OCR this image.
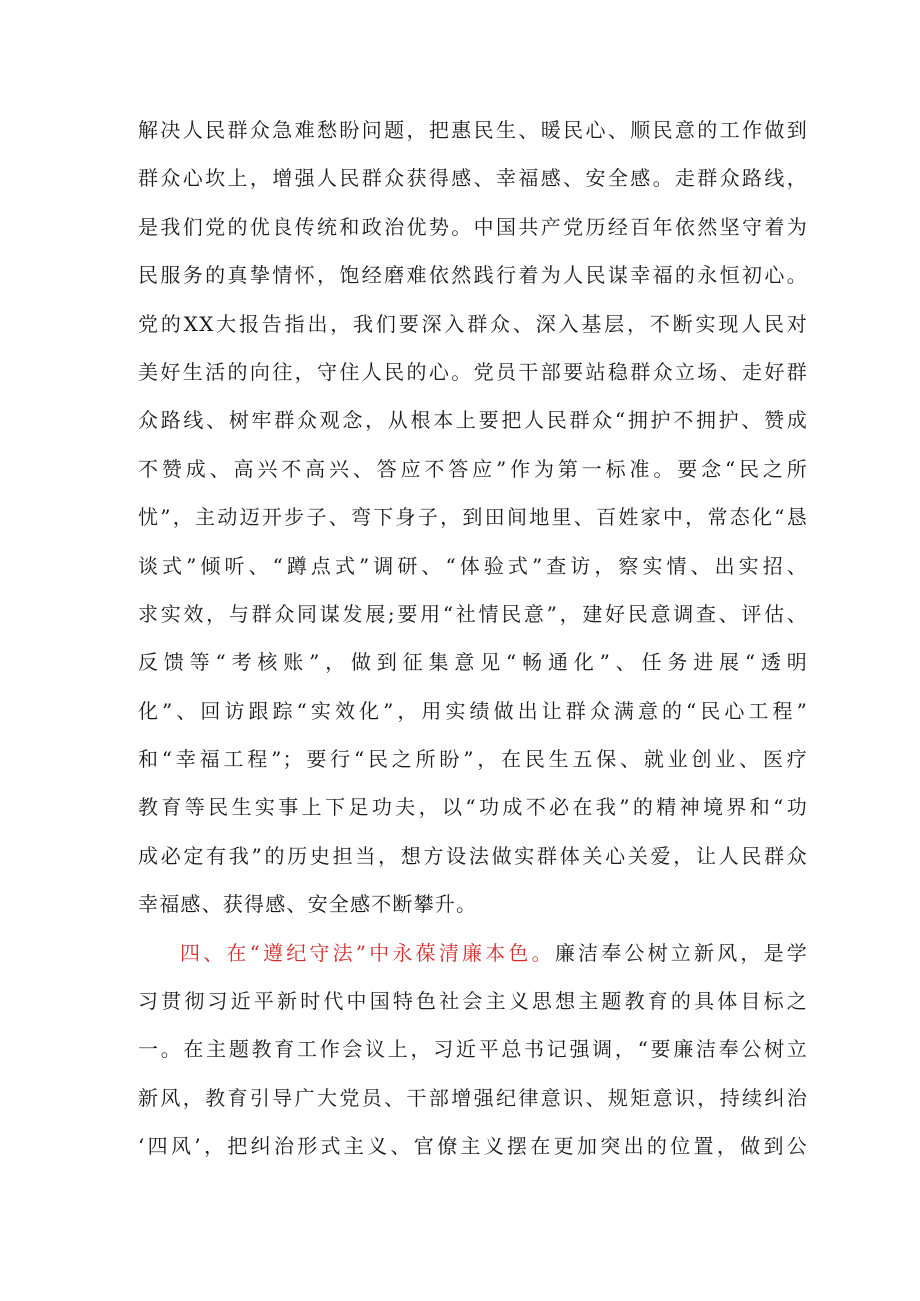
解决人民群众急难愁盼问题，把惠民生、暖民心、顺民意的工作做到
群众心坎上，增强人民群众获得感、幸福感、安全感。走群众路线，
是我们党的优良传统和政治优势。中国共产党历经百年依然坚守着为
民服务的真挚情怀，饱经磨难依然践行着为人民谋幸福的永恒初心。
党的XX大报告指出，我们要深入群众、深入基层，不断实现人民对
美好生活的向往，守住人民的心。党员干部要站稳群众立场、走好群
众路线、树牢群众观念，从根本上要把人民群众“拥护不拥护、赞成
不赞成、高兴不高兴、答应不答应”作为第一标准。要念“民之所
忧”，主动迈开步子、弯下身子，到田间地里、百姓家中，常态化“恳
谈式”倾听、“蹲点式”调研、“体验式”查访，察实情、出实招、
求实效，与群众同谋发展;要用“社情民意”，建好民意调查、评估、
反馈等“考核账”，做到征集意见“畅通化”、任务进展“透明
化”、回访跟踪“实效化”，用实绩做出让群众满意的“民心工程”
和“幸福工程”；要行“民之所盼”，在民生五保、就业创业、医疗
教育等民生实事上下足功夫，以“功成不必在我”的精神境界和“功
成必定有我”的历史担当，想方设法做实群体关心关爱，让人民群众
幸福感、获得感、安全感不断攀升。
四、在“遵纪守法”中永葆清廉本色。廉洁奉公树立新风，是学
习贯彻习近平新时代中国特色社会主义思想主题教育的具体目标之
一。在主题教育工作会议上，习近平总书记强调，“要廉洁奉公树立
新风，教育引导广大党员、干部增强纪律意识、规矩意识，持续纠治
‘四风’，把纠治形式主义、官僚主义摆在更加突出的位置，做到公
